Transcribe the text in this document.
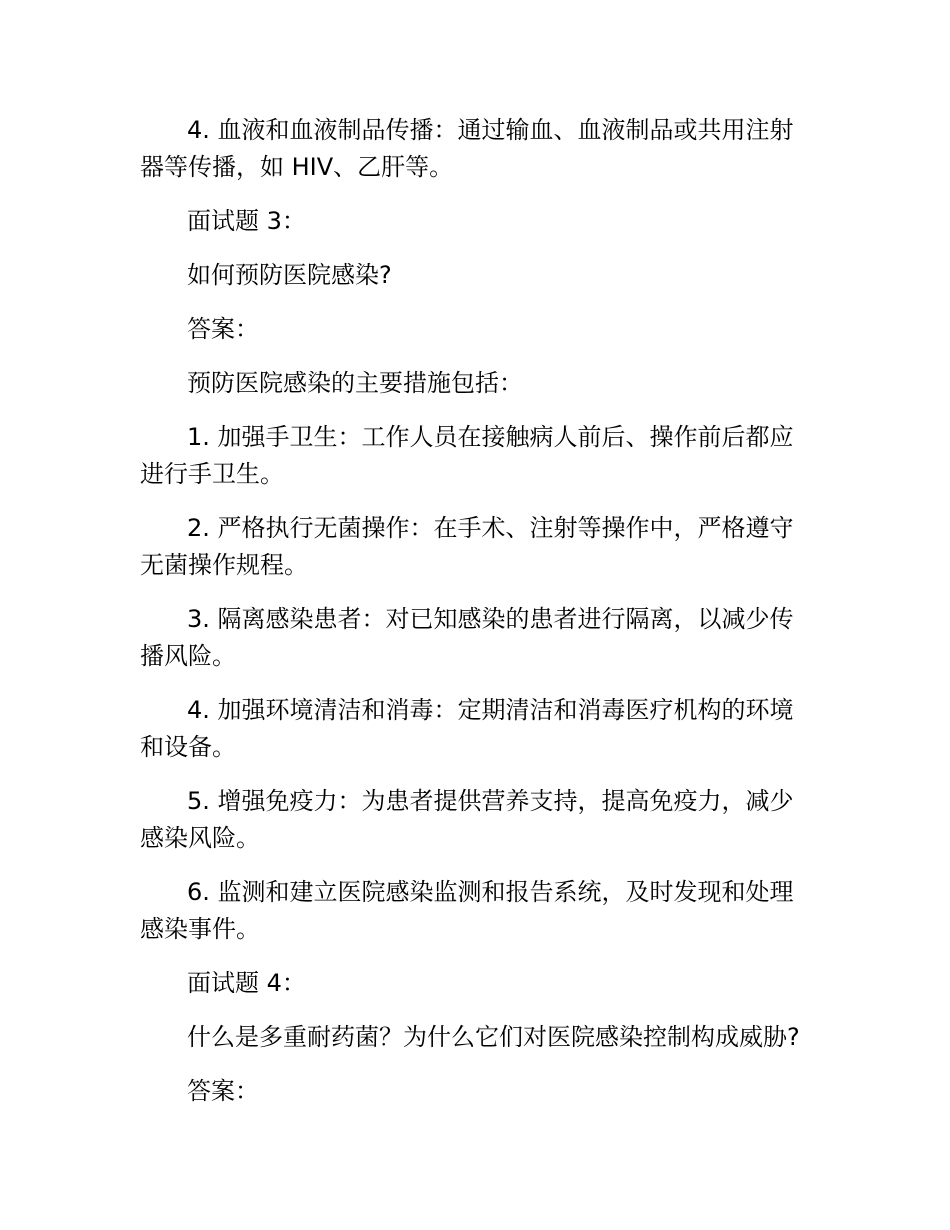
4. 血液和血液制品传播：通过输血、血液制品或共用注射器等传播，如 HIV、乙肝等。

面试题 3：

如何预防医院感染?

答案：

预防医院感染的主要措施包括：

1. 加强手卫生：工作人员在接触病人前后、操作前后都应进行手卫生。

2. 严格执行无菌操作：在手术、注射等操作中，严格遵守无菌操作规程。

3. 隔离感染患者：对已知感染的患者进行隔离，以减少传播风险。

4. 加强环境清洁和消毒：定期清洁和消毒医疗机构的环境和设备。

5. 增强免疫力：为患者提供营养支持，提高免疫力，减少感染风险。

6. 监测和建立医院感染监测和报告系统，及时发现和处理感染事件。

面试题 4：

什么是多重耐药菌？为什么它们对医院感染控制构成威胁?

答案：
